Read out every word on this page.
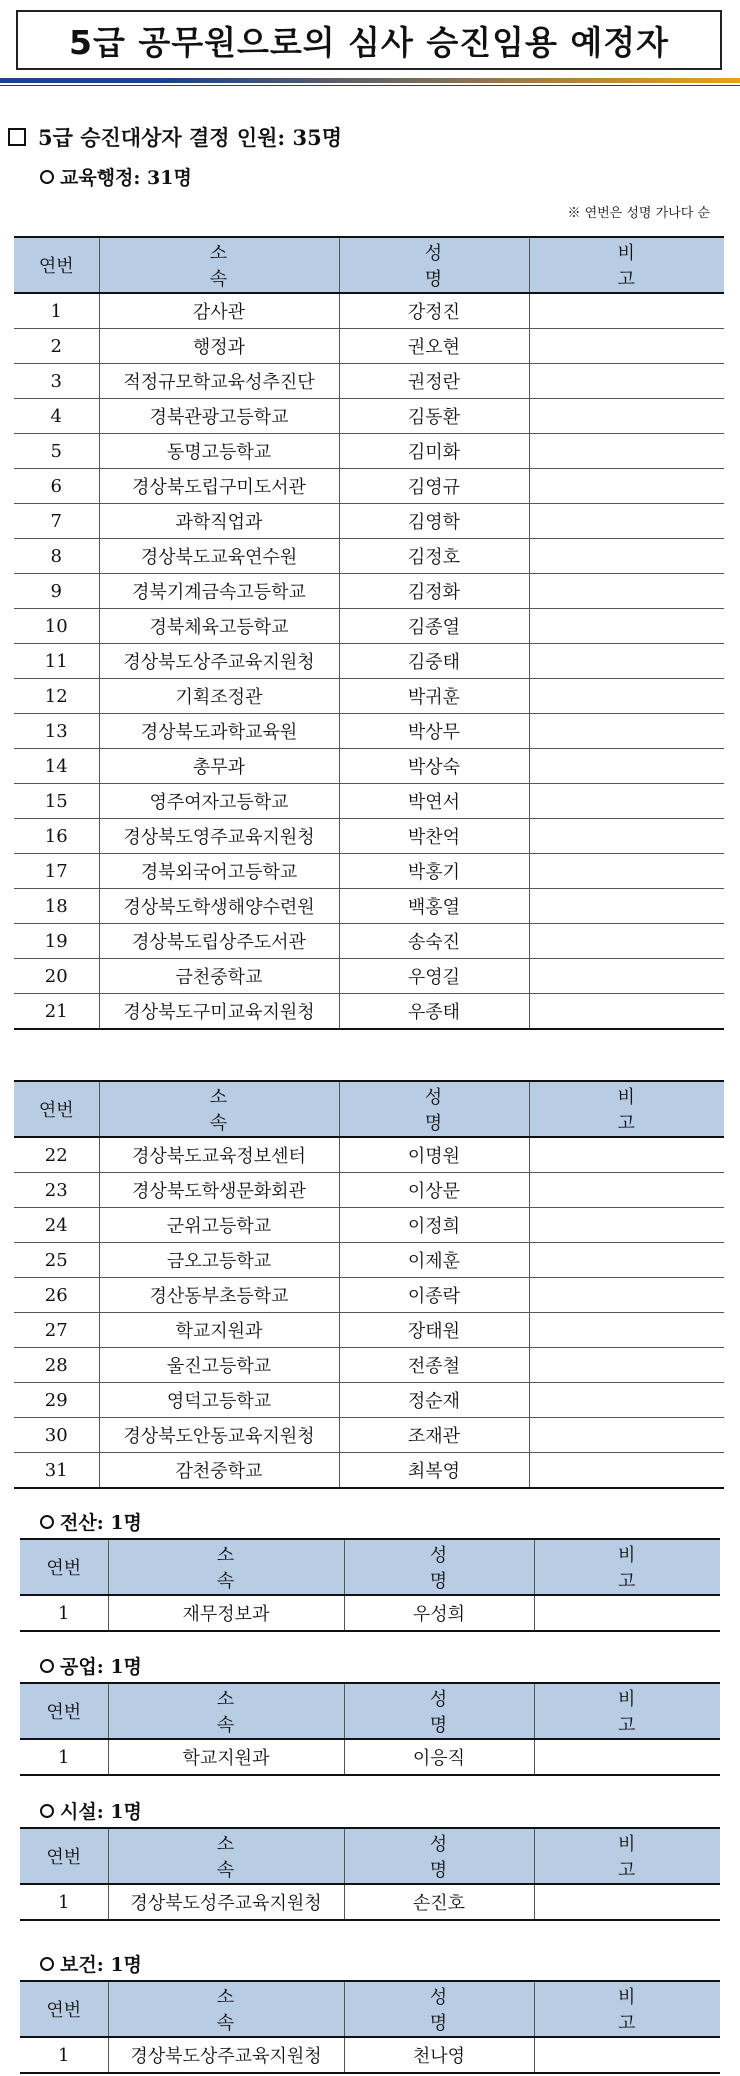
5급 공무원으로의 심사 승진임용 예정자
5급 승진대상자 결정 인원: 35명
교육행정: 31명
※ 연번은 성명 가나다 순
연번	소 속	성 명	비 고
1	감사관	강정진	
2	행정과	권오현	
3	적정규모학교육성추진단	권정란	
4	경북관광고등학교	김동환	
5	동명고등학교	김미화	
6	경상북도립구미도서관	김영규	
7	과학직업과	김영학	
8	경상북도교육연수원	김정호	
9	경북기계금속고등학교	김정화	
10	경북체육고등학교	김종열	
11	경상북도상주교육지원청	김중태	
12	기획조정관	박귀훈	
13	경상북도과학교육원	박상무	
14	총무과	박상숙	
15	영주여자고등학교	박연서	
16	경상북도영주교육지원청	박찬억	
17	경북외국어고등학교	박홍기	
18	경상북도학생해양수련원	백홍열	
19	경상북도립상주도서관	송숙진	
20	금천중학교	우영길	
21	경상북도구미교육지원청	우종태	
연번	소 속	성 명	비 고
22	경상북도교육정보센터	이명원	
23	경상북도학생문화회관	이상문	
24	군위고등학교	이정희	
25	금오고등학교	이제훈	
26	경산동부초등학교	이종락	
27	학교지원과	장태원	
28	울진고등학교	전종철	
29	영덕고등학교	정순재	
30	경상북도안동교육지원청	조재관	
31	감천중학교	최복영	
전산: 1명
연번	소 속	성 명	비 고
1	재무정보과	우성희	
공업: 1명
연번	소 속	성 명	비 고
1	학교지원과	이응직	
시설: 1명
연번	소 속	성 명	비 고
1	경상북도성주교육지원청	손진호	
보건: 1명
연번	소 속	성 명	비 고
1	경상북도상주교육지원청	천나영	
